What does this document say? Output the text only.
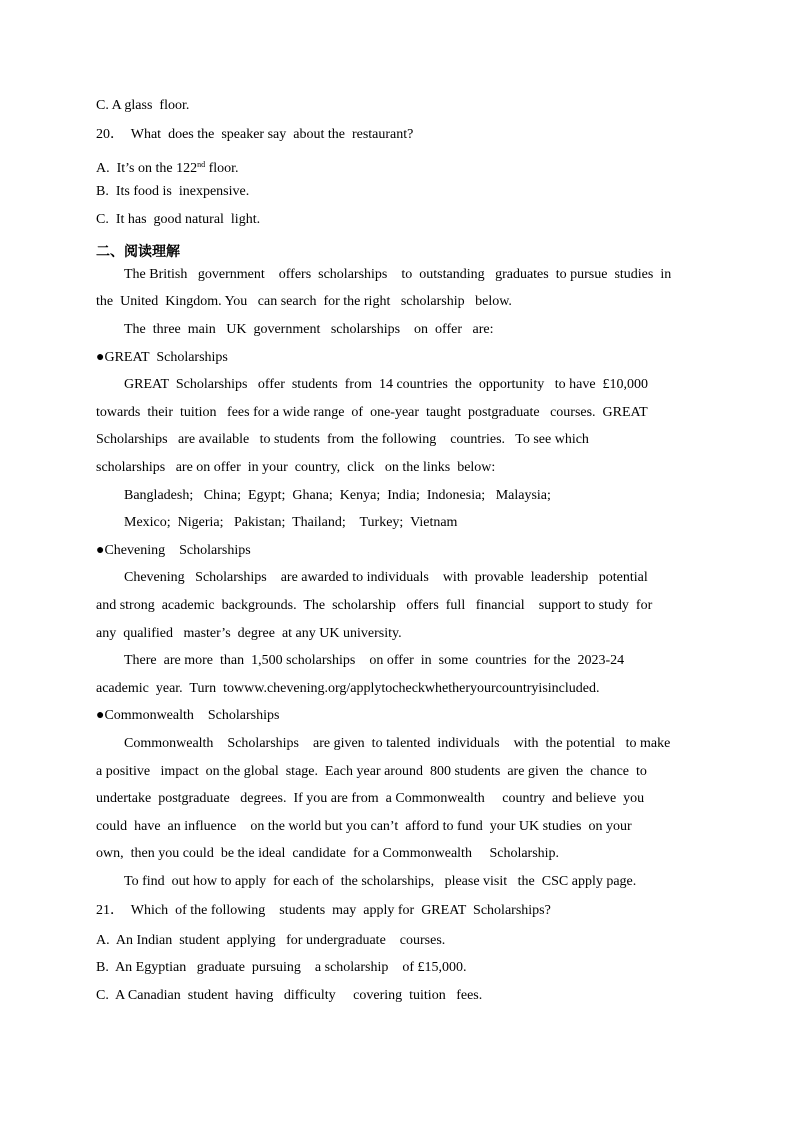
C. A glass  floor.
20．  What  does the  speaker say  about the  restaurant?
A.  It’s on the 122nd floor.
B.  Its food is  inexpensive.
C.  It has  good natural  light.
二、阅读理解
The British   government    offers  scholarships    to  outstanding   graduates  to pursue  studies  in
the  United  Kingdom. You   can search  for the right   scholarship   below.
The  three  main   UK  government   scholarships    on  offer   are:
●GREAT  Scholarships
GREAT  Scholarships   offer  students  from  14 countries  the  opportunity   to have  £10,000
towards  their  tuition   fees for a wide range  of  one-year  taught  postgraduate   courses.  GREAT
Scholarships   are available   to students  from  the following    countries.   To see which
scholarships   are on offer  in your  country,  click   on the links  below:
Bangladesh;   China;  Egypt;  Ghana;  Kenya;  India;  Indonesia;   Malaysia;
Mexico;  Nigeria;   Pakistan;  Thailand;    Turkey;  Vietnam
●Chevening    Scholarships
Chevening   Scholarships    are awarded to individuals    with  provable  leadership   potential
and strong  academic  backgrounds.  The  scholarship   offers  full   financial    support to study  for
any  qualified   master’s  degree  at any UK university.
There  are more  than  1,500 scholarships    on offer  in  some  countries  for the  2023-24
academic  year.  Turn  towww.chevening.org/applytocheckwhetheryourcountryisincluded.
●Commonwealth    Scholarships
Commonwealth    Scholarships    are given  to talented  individuals    with  the potential   to make
a positive   impact  on the global  stage.  Each year around  800 students  are given  the  chance  to
undertake  postgraduate   degrees.  If you are from  a Commonwealth     country  and believe  you
could  have  an influence    on the world but you can’t  afford to fund  your UK studies  on your
own,  then you could  be the ideal  candidate  for a Commonwealth     Scholarship.
To find  out how to apply  for each of  the scholarships,   please visit   the  CSC apply page.
21．  Which  of the following    students  may  apply for  GREAT  Scholarships?
A.  An Indian  student  applying   for undergraduate    courses.
B.  An Egyptian   graduate  pursuing    a scholarship    of £15,000.
C.  A Canadian  student  having   difficulty     covering  tuition   fees.
